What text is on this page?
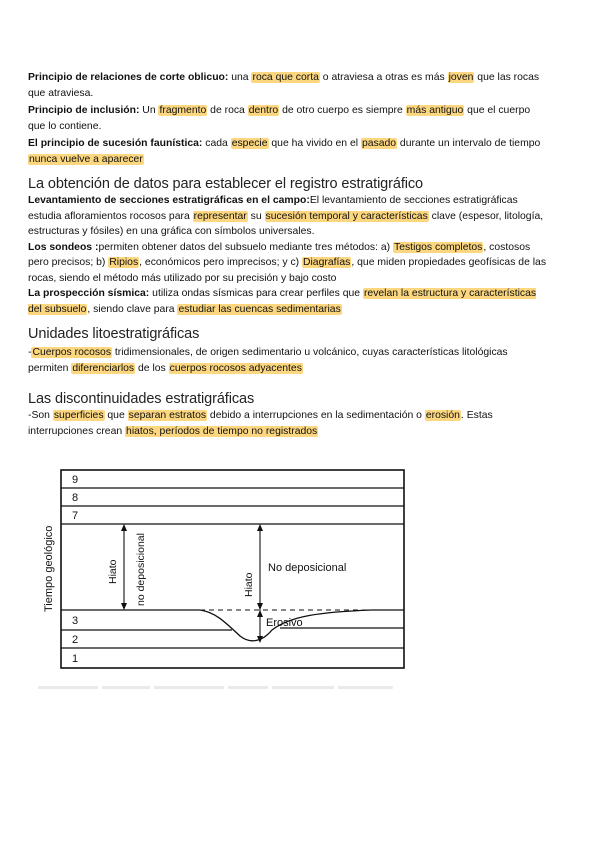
Principio de relaciones de corte oblicuo: una roca que corta o atraviesa a otras es más joven que las rocas que atraviesa.

Principio de inclusión: Un fragmento de roca dentro de otro cuerpo es siempre más antiguo que el cuerpo que lo contiene.

El principio de sucesión faunística: cada especie que ha vivido en el pasado durante un intervalo de tiempo nunca vuelve a aparecer

La obtención de datos para establecer el registro estratigráfico

Levantamiento de secciones estratigráficas en el campo:El levantamiento de secciones estratigráficas estudia afloramientos rocosos para representar su sucesión temporal y características clave (espesor, litología, estructuras y fósiles) en una gráfica con símbolos universales.

Los sondeos :permiten obtener datos del subsuelo mediante tres métodos: a) Testigos completos, costosos pero precisos; b) Ripios, económicos pero imprecisos; y c) Diagrafías, que miden propiedades geofísicas de las rocas, siendo el método más utilizado por su precisión y bajo costo

La prospección sísmica: utiliza ondas sísmicas para crear perfiles que revelan la estructura y características del subsuelo, siendo clave para estudiar las cuencas sedimentarias

Unidades litoestratigráficas

-Cuerpos rocosos tridimensionales, de origen sedimentario u volcánico, cuyas características litológicas permiten diferenciarlos de los cuerpos rocosos adyacentes

Las discontinuidades estratigráficas

-Son superficies que separan estratos debido a interrupciones en la sedimentación o erosión. Estas interrupciones crean hiatos, períodos de tiempo no registrados

9
8
7
3
2
1
Tiempo geológico	Hiato no deposicional	Hiato
No deposicional
Erosivo
